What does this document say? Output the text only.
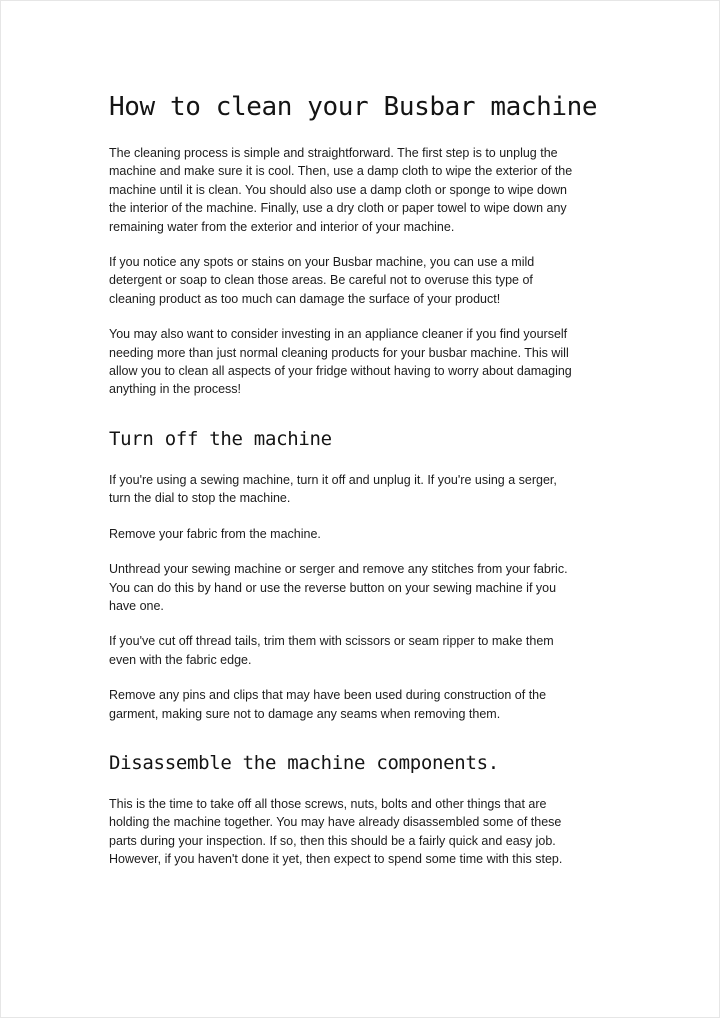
How to clean your Busbar machine

The cleaning process is simple and straightforward. The first step is to unplug the
machine and make sure it is cool. Then, use a damp cloth to wipe the exterior of the
machine until it is clean. You should also use a damp cloth or sponge to wipe down
the interior of the machine. Finally, use a dry cloth or paper towel to wipe down any
remaining water from the exterior and interior of your machine.

If you notice any spots or stains on your Busbar machine, you can use a mild
detergent or soap to clean those areas. Be careful not to overuse this type of
cleaning product as too much can damage the surface of your product!

You may also want to consider investing in an appliance cleaner if you find yourself
needing more than just normal cleaning products for your busbar machine. This will
allow you to clean all aspects of your fridge without having to worry about damaging
anything in the process!

Turn off the machine

If you're using a sewing machine, turn it off and unplug it. If you're using a serger,
turn the dial to stop the machine.

Remove your fabric from the machine.

Unthread your sewing machine or serger and remove any stitches from your fabric.
You can do this by hand or use the reverse button on your sewing machine if you
have one.

If you've cut off thread tails, trim them with scissors or seam ripper to make them
even with the fabric edge.

Remove any pins and clips that may have been used during construction of the
garment, making sure not to damage any seams when removing them.

Disassemble the machine components.

This is the time to take off all those screws, nuts, bolts and other things that are
holding the machine together. You may have already disassembled some of these
parts during your inspection. If so, then this should be a fairly quick and easy job.
However, if you haven't done it yet, then expect to spend some time with this step.
